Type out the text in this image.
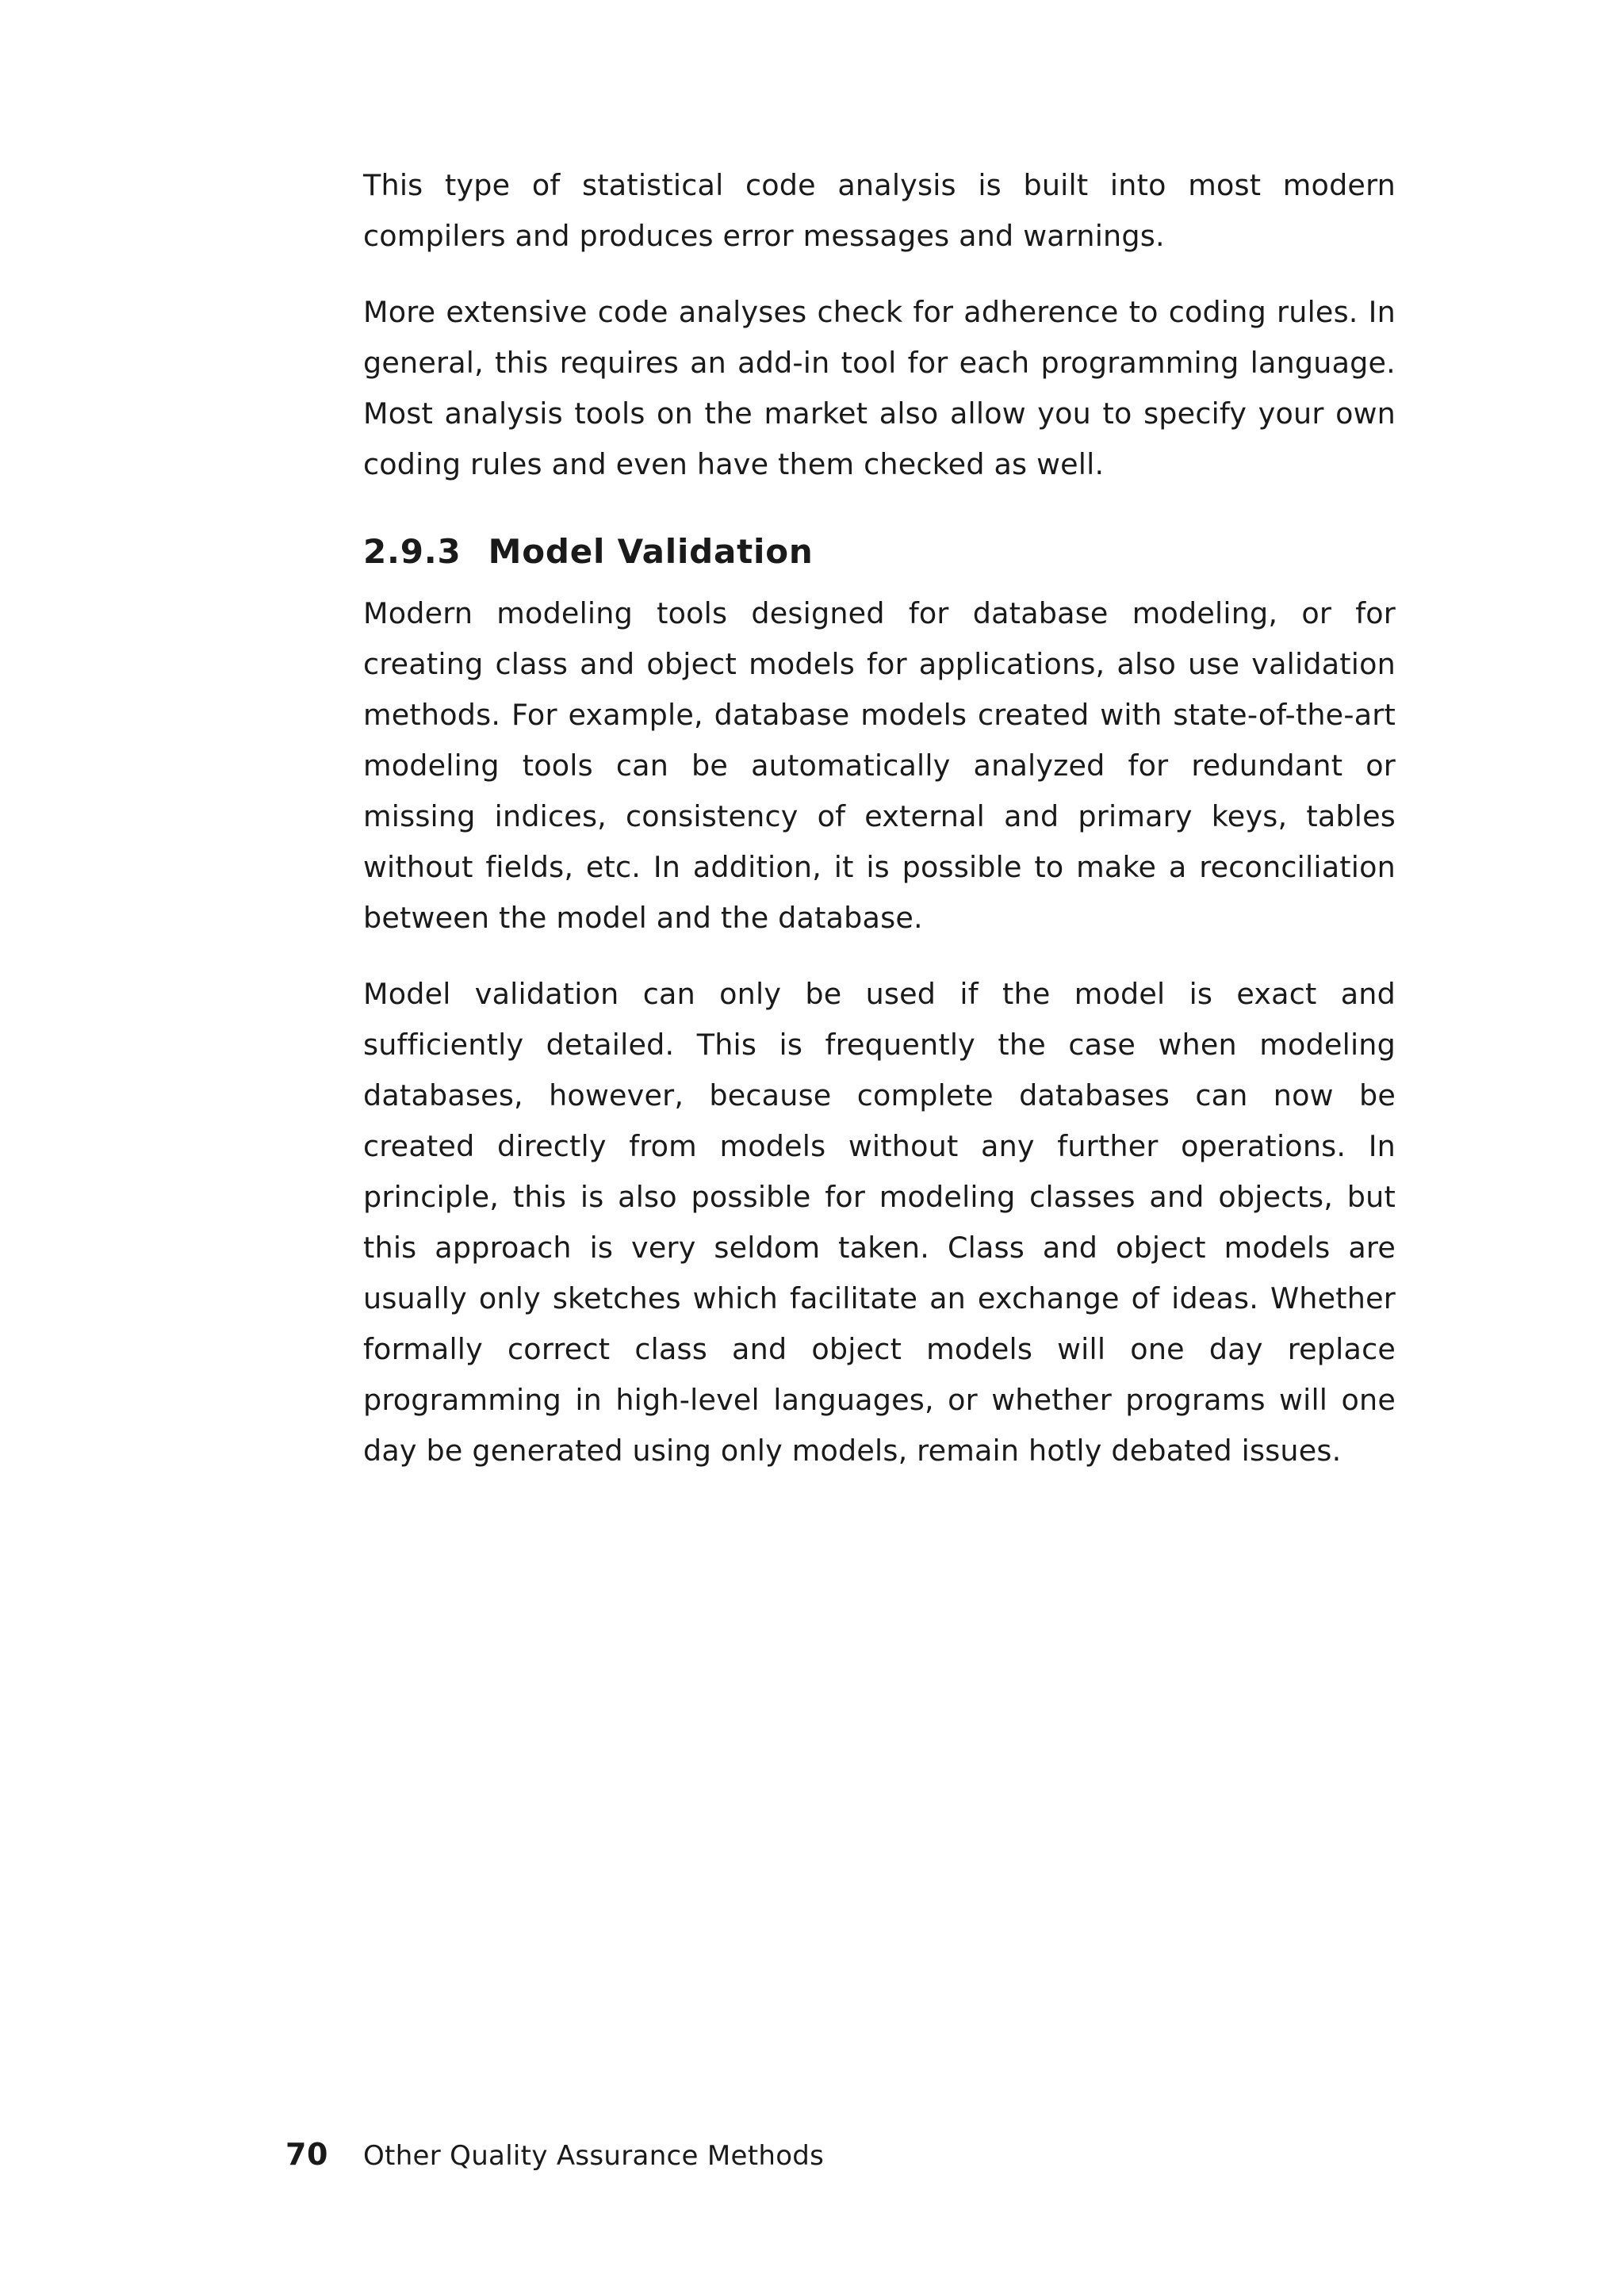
This type of statistical code analysis is built into most modern compilers and produces error messages and warnings.

More extensive code analyses check for adherence to coding rules. In general, this requires an add-in tool for each programming language. Most analysis tools on the market also allow you to specify your own coding rules and even have them checked as well.

2.9.3 Model Validation

Modern modeling tools designed for database modeling, or for creating class and object models for applications, also use validation methods. For example, database models created with state-of-the-art modeling tools can be automatically analyzed for redundant or missing indices, consistency of external and primary keys, tables without fields, etc. In addition, it is possible to make a reconciliation between the model and the database.

Model validation can only be used if the model is exact and sufficiently detailed. This is frequently the case when modeling databases, however, because complete databases can now be created directly from models without any further operations. In principle, this is also possible for modeling classes and objects, but this approach is very seldom taken. Class and object models are usually only sketches which facilitate an exchange of ideas. Whether formally correct class and object models will one day replace programming in high-level languages, or whether programs will one day be generated using only models, remain hotly debated issues.

70	Other Quality Assurance Methods
